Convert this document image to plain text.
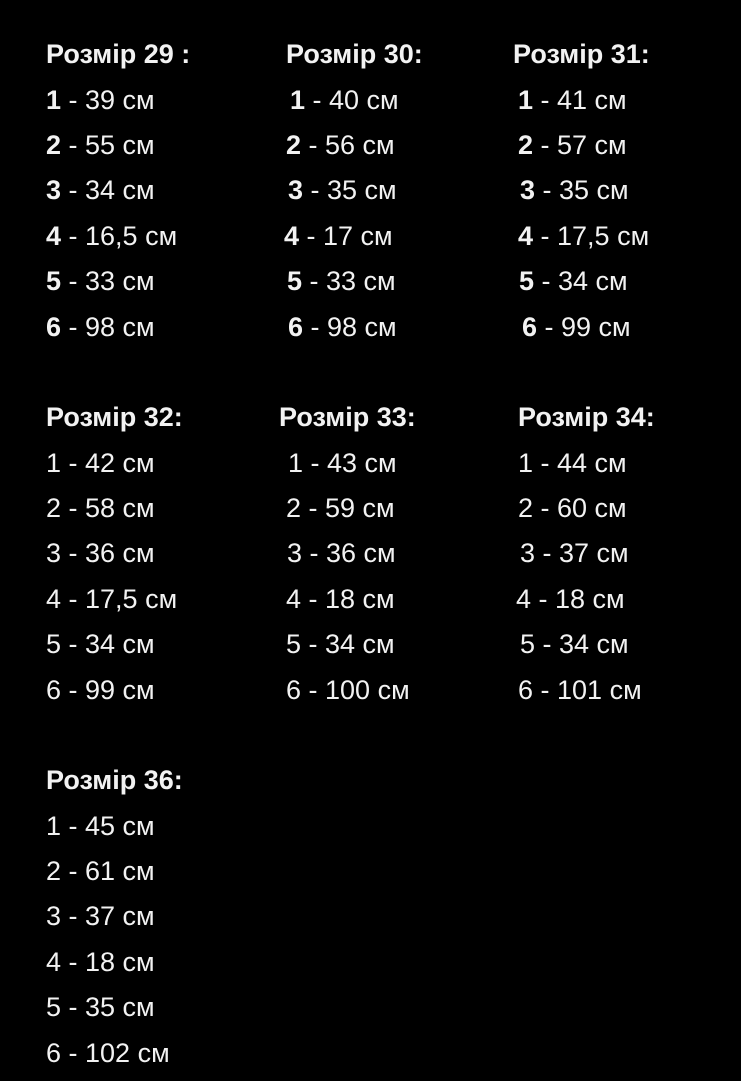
Розмір 29 :
1 - 39 см
2 - 55 см
3 - 34 см
4 - 16,5 см
5 - 33 см
6 - 98 см
Розмір 30:
1 - 40 см
2 - 56 см
3 - 35 см
4 - 17 см
5 - 33 см
6 - 98 см
Розмір 31:
1 - 41 см
2 - 57 см
3 - 35 см
4 - 17,5 см
5 - 34 см
6 - 99 см
Розмір 32:
1 - 42 см
2 - 58 см
3 - 36 см
4 - 17,5 см
5 - 34 см
6 - 99 см
Розмір 33:
1 - 43 см
2 - 59 см
3 - 36 см
4 - 18 см
5 - 34 см
6 - 100 см
Розмір 34:
1 - 44 см
2 - 60 см
3 - 37 см
4 - 18 см
5 - 34 см
6 - 101 см
Розмір 36:
1 - 45 см
2 - 61 см
3 - 37 см
4 - 18 см
5 - 35 см
6 - 102 см
